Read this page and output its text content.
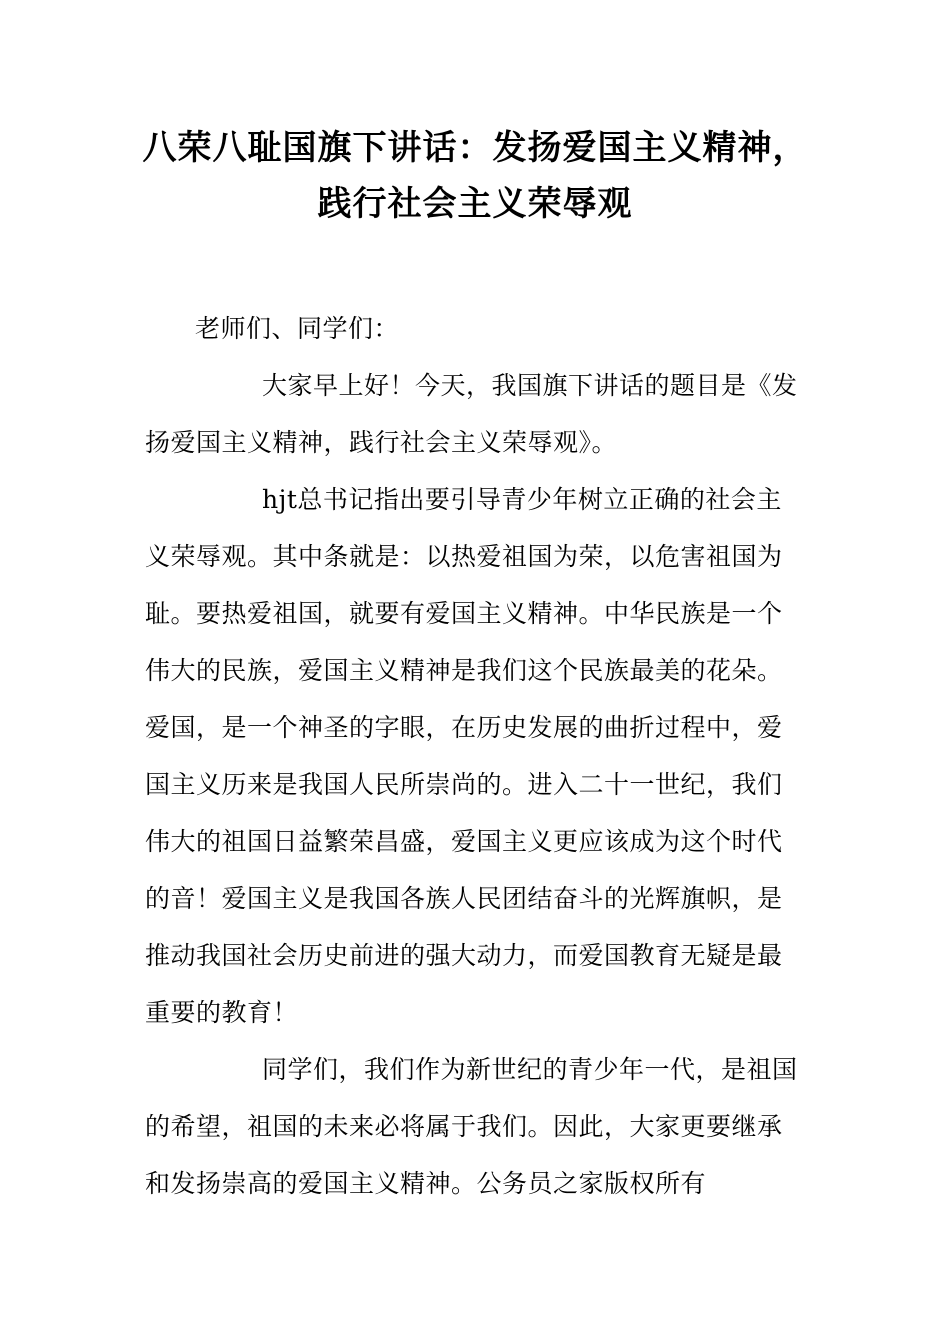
八荣八耻国旗下讲话：发扬爱国主义精神，
践行社会主义荣辱观
老师们、同学们：
大家早上好！今天，我国旗下讲话的题目是《发
扬爱国主义精神，践行社会主义荣辱观》。
hjt总书记指出要引导青少年树立正确的社会主
义荣辱观。其中条就是：以热爱祖国为荣，以危害祖国为
耻。要热爱祖国，就要有爱国主义精神。中华民族是一个
伟大的民族，爱国主义精神是我们这个民族最美的花朵。
爱国，是一个神圣的字眼，在历史发展的曲折过程中，爱
国主义历来是我国人民所崇尚的。进入二十一世纪，我们
伟大的祖国日益繁荣昌盛，爱国主义更应该成为这个时代
的音！爱国主义是我国各族人民团结奋斗的光辉旗帜，是
推动我国社会历史前进的强大动力，而爱国教育无疑是最
重要的教育！
同学们，我们作为新世纪的青少年一代，是祖国
的希望，祖国的未来必将属于我们。因此，大家更要继承
和发扬崇高的爱国主义精神。公务员之家版权所有
